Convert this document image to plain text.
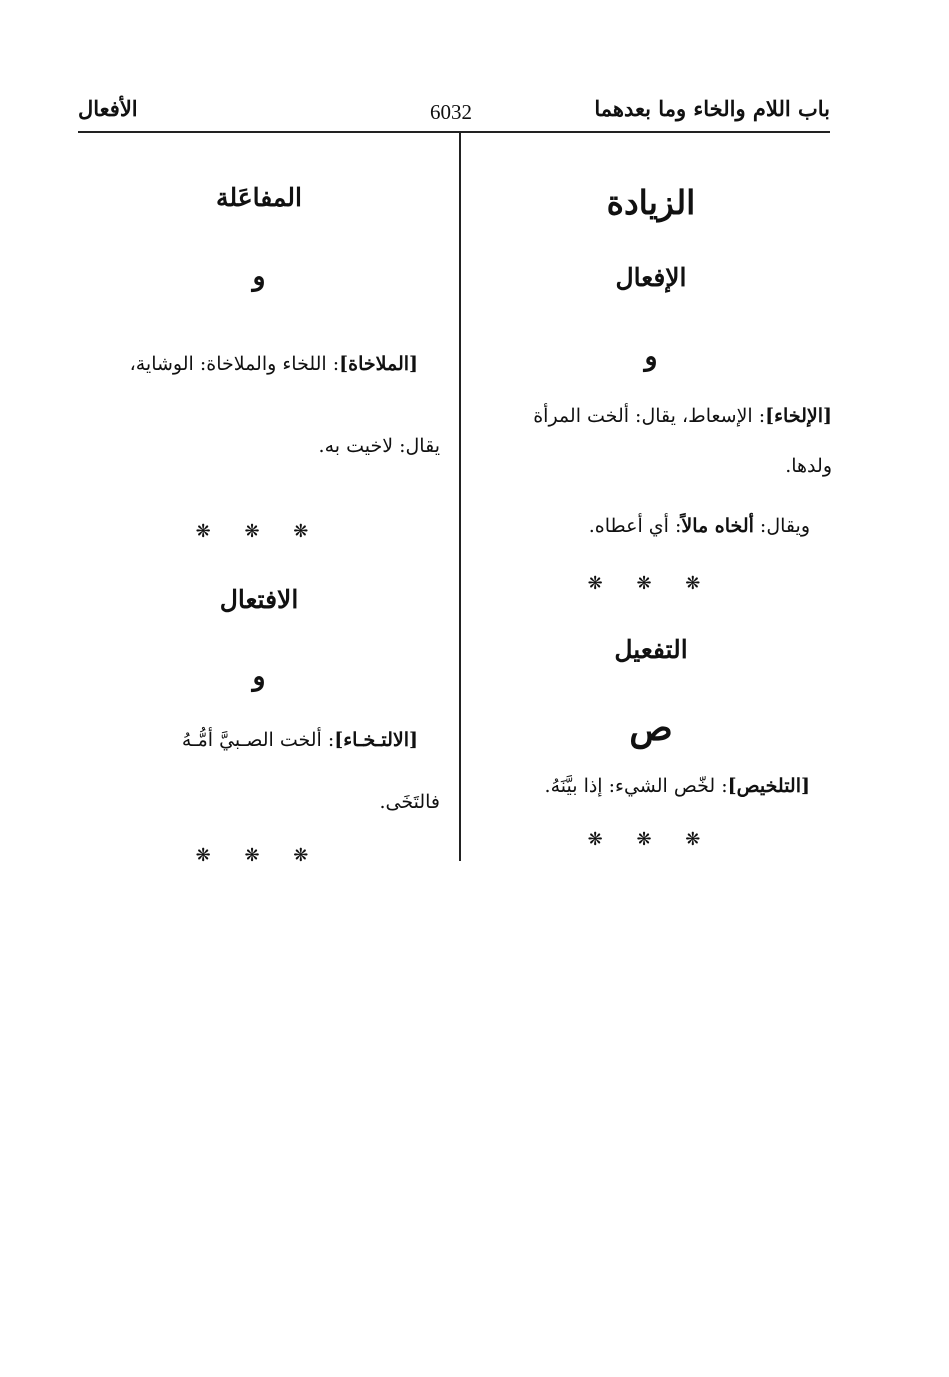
باب اللام والخاء وما بعدهما
6032
الأفعال
الزيادة
الإفعال
و
[الإلخاء]: الإسعاط، يقال: ألخت المرأة
ولدها.
ويقال: ألخاه مالاً: أي أعطاه.
❋ ❋ ❋
التفعيل
ص
[التلخيص]: لخّص الشيء: إذا بيَّنَهُ.
❋ ❋ ❋
المفاعَلة
و
[الملاخاة]: اللخاء والملاخاة: الوشاية،
يقال: لاخيت به.
❋ ❋ ❋
الافتعال
و
[الالتـخـاء]: ألخت الصـبيَّ أمُّـهُ
فالتَخَى.
❋ ❋ ❋
